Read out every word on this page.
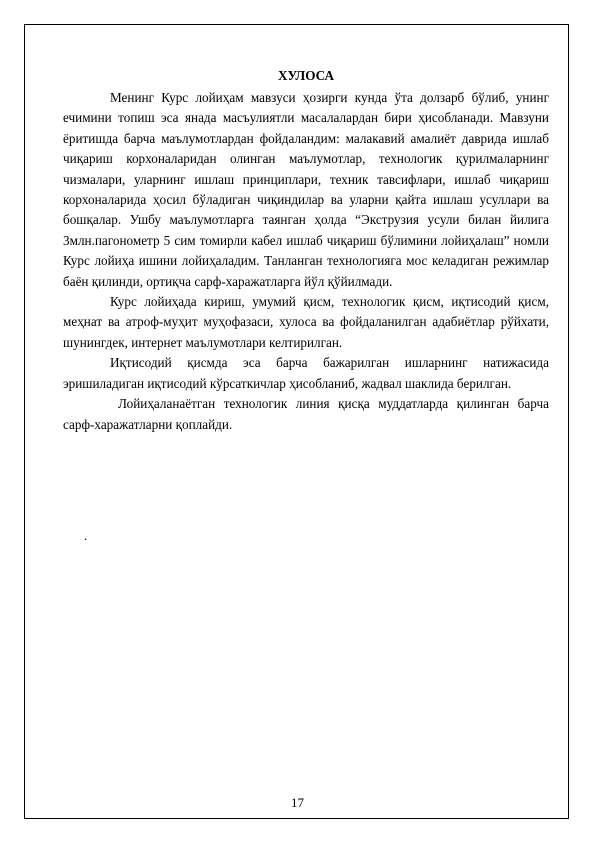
ХУЛОСА

Менинг Курс лойиҳам мавзуси ҳозирги кунда ўта долзарб бўлиб, унинг ечимини топиш эса янада масъулиятли масалалардан бири ҳисобланади. Мавзуни ёритишда барча маълумотлардан фойдаландим: малакавий амалиёт даврида ишлаб чиқариш корхоналаридан олинган маълумотлар, технологик қурилмаларнинг чизмалари, уларнинг ишлаш принциплари, техник тавсифлари, ишлаб чиқариш корхоналарида ҳосил бўладиган чиқиндилар ва уларни қайта ишлаш усуллари ва бошқалар. Ушбу маълумотларга таянган ҳолда “Экструзия усули билан йилига 3млн.пагонометр 5 сим томирли кабел ишлаб чиқариш бўлимини лойиҳалаш” номли Курс лойиҳа ишини лойиҳаладим. Танланган технологияга мос келадиган режимлар баён қилинди, ортиқча сарф-харажатларга йўл қўйилмади.

Курс лойиҳада кириш, умумий қисм, технологик қисм, иқтисодий қисм, меҳнат ва атроф-муҳит муҳофазаси, хулоса ва фойдаланилган адабиётлар рўйхати, шунингдек, интернет маълумотлари келтирилган.

Иқтисодий қисмда эса барча бажарилган ишларнинг натижасида эришиладиган иқтисодий кўрсаткичлар ҳисобланиб, жадвал шаклида берилган.

Лойиҳаланаётган технологик линия қисқа муддатларда қилинган барча сарф-харажатларни қоплайди.

.
17
